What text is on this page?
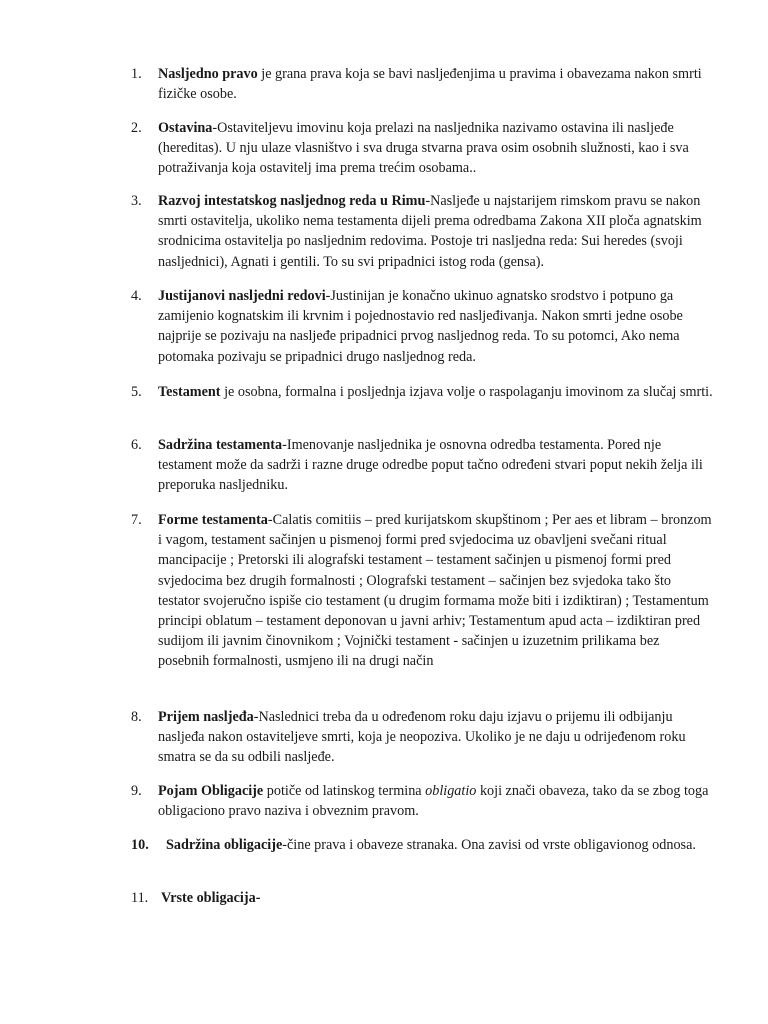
1. Nasljedno pravo je grana prava koja se bavi nasljeđenjima u pravima i obavezama nakon smrti fizičke osobe.
2. Ostavina-Ostaviteljevu imovinu koja prelazi na nasljednika nazivamo ostavina ili nasljeđe (hereditas). U nju ulaze vlasništvo i sva druga stvarna prava osim osobnih služnosti, kao i sva potraživanja koja ostavitelj ima prema trećim osobama..
3. Razvoj intestatskog nasljednog reda u Rimu-Nasljeđe u najstarijem rimskom pravu se nakon smrti ostavitelja, ukoliko nema testamenta dijeli prema odredbama Zakona XII ploča agnatskim srodnicima ostavitelja po nasljednim redovima. Postoje tri nasljedna reda: Sui heredes (svoji nasljednici), Agnati i gentili. To su svi pripadnici istog roda (gensa).
4. Justijanovi nasljedni redovi-Justinijan je konačno ukinuo agnatsko srodstvo i potpuno ga zamijenio kognatskim ili krvnim i pojednostavio red nasljeđivanja. Nakon smrti jedne osobe najprije se pozivaju na nasljeđe pripadnici prvog nasljednog reda. To su potomci, Ako nema potomaka pozivaju se pripadnici drugo nasljednog reda.
5. Testament je osobna, formalna i posljednja izjava volje o raspolaganju imovinom za slučaj smrti.
6. Sadržina testamenta-Imenovanje nasljednika je osnovna odredba testamenta. Pored nje testament može da sadrži i razne druge odredbe poput tačno određeni stvari poput nekih želja ili preporuka nasljedniku.
7. Forme testamenta-Calatis comitiis – pred kurijatskom skupštinom ; Per aes et libram – bronzom i vagom, testament sačinjen u pismenoj formi pred svjedocima uz obavljeni svečani ritual mancipacije ; Pretorski ili alografski testament – testament sačinjen u pismenoj formi pred svjedocima bez drugih formalnosti ; Olografski testament – sačinjen bez svjedoka tako što testator svojeručno ispiše cio testament (u drugim formama može biti i izdiktiran) ; Testamentum principi oblatum – testament deponovan u javni arhiv; Testamentum apud acta – izdiktiran pred sudijom ili javnim činovnikom ; Vojnički testament - sačinjen u izuzetnim prilikama bez posebnih formalnosti, usmjeno ili na drugi način
8. Prijem nasljeđa-Naslednici treba da u određenom roku daju izjavu o prijemu ili odbijanju nasljeđa nakon ostaviteljeve smrti, koja je neopoziva. Ukoliko je ne daju u odrijeđenom roku smatra se da su odbili nasljeđe.
9. Pojam Obligacije potiče od latinskog termina obligatio koji znači obaveza, tako da se zbog toga obligaciono pravo naziva i obveznim pravom.
10. Sadržina obligacije-čine prava i obaveze stranaka. Ona zavisi od vrste obligavionog odnosa.
11. Vrste obligacija-
